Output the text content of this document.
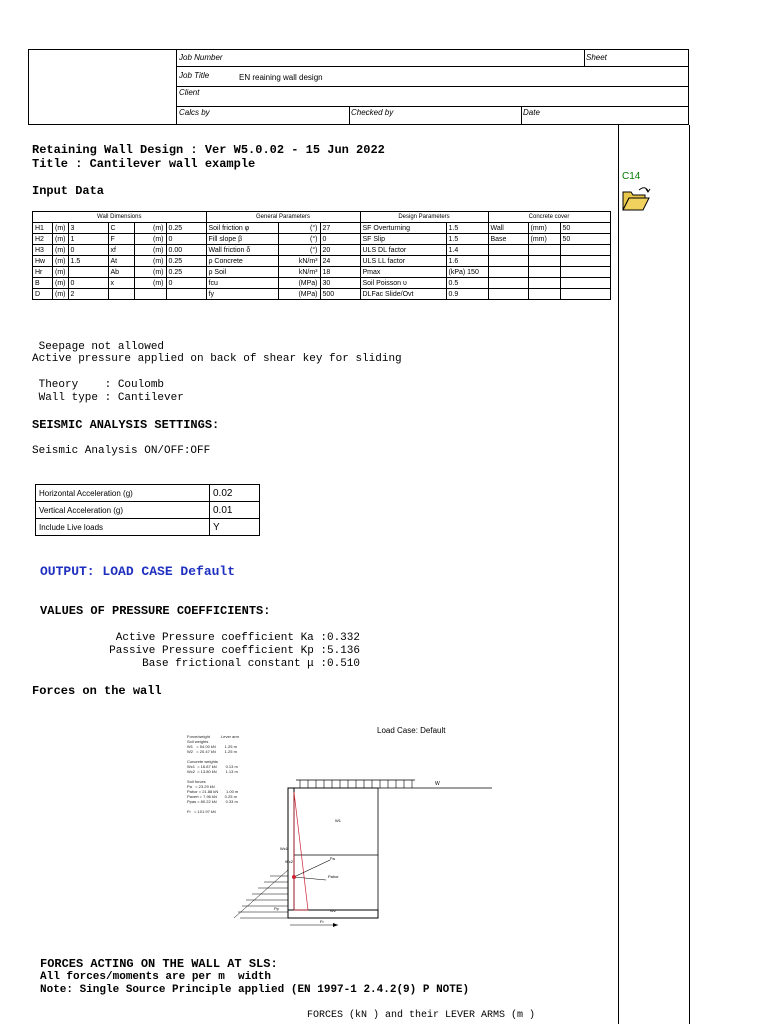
Job Number	Sheet
Job Title	EN reaining wall design
Client
Calcs by	Checked by	Date
C14
Retaining Wall Design : Ver W5.0.02 - 15 Jun 2022
Title : Cantilever wall example
Input Data
Wall Dimensions						General Parameters			Design Parameters		Concrete cover		
H1	(m)	3	C	(m)	0.25	Soil friction φ	(°)	27	SF Overturning	1.5	Wall	(mm)	50
H2	(m)	1	F	(m)	0	Fill slope β	(°)	0	SF Slip	1.5	Base	(mm)	50
H3	(m)	0	xf	(m)	0.00	Wall friction δ	(°)	20	ULS DL factor	1.4			
Hw	(m)	1.5	At	(m)	0.25	ρ Concrete	kN/m³	24	ULS LL factor	1.6			
Hr	(m)		Ab	(m)	0.25	ρ Soil	kN/m³	18	Pmax	(kPa) 150			
B	(m)	0	x	(m)	0	fcu	(MPa)	30	Soil Poisson υ	0.5			
D	(m)	2				fy	(MPa)	500	DLFac Slide/Ovt	0.9			
Seepage not allowed
Active pressure applied on back of shear key for sliding
Theory    : Coulomb
Wall type : Cantilever
SEISMIC ANALYSIS SETTINGS:
Seismic Analysis ON/OFF:OFF
Horizontal Acceleration (g)	0.02
Vertical Acceleration (g)	0.01
Include Live loads	Y
OUTPUT: LOAD CASE Default
VALUES OF PRESSURE COEFFICIENTS:
Active Pressure coefficient Ka :0.332
Passive Pressure coefficient Kp :5.136
Base frictional constant μ :0.510
Forces on the wall
Load Case: Default
Force/weight          Lever arm
Soil weights
W1   = 54.00 kN        1.25 m
W2   = 20.47 kN        1.25 m

Concrete weights
Wc1  = 16.87 kN        0.13 m
Wc2  = 13.80 kN        1.13 m

Soil forces
Pa   = 23.29 kN
Pahor = 21.88 kN       1.00 m
Pavert = 7.96 kN       0.25 m
Ppas = 80.22 kN        0.33 m

Fr   = 101.97 kN
W
W1
W2
Pa
Pahor
Wc1
Wc2
Fr
Pp
FORCES ACTING ON THE WALL AT SLS:
All forces/moments are per m  width
Note: Single Source Principle applied (EN 1997-1 2.4.2(9) P NOTE)
FORCES (kN ) and their LEVER ARMS (m )
